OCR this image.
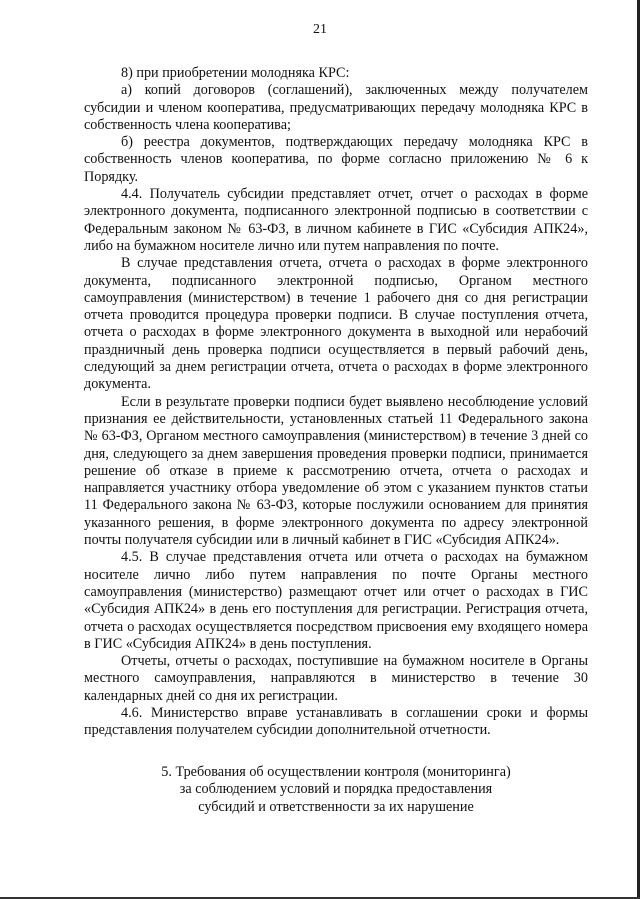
21

8) при приобретении молодняка КРС:

а) копий договоров (соглашений), заключенных между получателем субсидии и членом кооператива, предусматривающих передачу молодняка КРС в собственность члена кооператива;

б) реестра документов, подтверждающих передачу молодняка КРС в собственность членов кооператива, по форме согласно приложению № 6 к Порядку.

4.4. Получатель субсидии представляет отчет, отчет о расходах в форме электронного документа, подписанного электронной подписью в соответствии с Федеральным законом № 63-ФЗ, в личном кабинете в ГИС «Субсидия АПК24», либо на бумажном носителе лично или путем направления по почте.

В случае представления отчета, отчета о расходах в форме электронного документа, подписанного электронной подписью, Органом местного самоуправления (министерством) в течение 1 рабочего дня со дня регистрации отчета проводится процедура проверки подписи. В случае поступления отчета, отчета о расходах в форме электронного документа в выходной или нерабочий праздничный день проверка подписи осуществляется в первый рабочий день, следующий за днем регистрации отчета, отчета о расходах в форме электронного документа.

Если в результате проверки подписи будет выявлено несоблюдение условий признания ее действительности, установленных статьей 11 Федерального закона № 63-ФЗ, Органом местного самоуправления (министерством) в течение 3 дней со дня, следующего за днем завершения проведения проверки подписи, принимается решение об отказе в приеме к рассмотрению отчета, отчета о расходах и направляется участнику отбора уведомление об этом с указанием пунктов статьи 11 Федерального закона № 63-ФЗ, которые послужили основанием для принятия указанного решения, в форме электронного документа по адресу электронной почты получателя субсидии или в личный кабинет в ГИС «Субсидия АПК24».

4.5. В случае представления отчета или отчета о расходах на бумажном носителе лично либо путем направления по почте Органы местного самоуправления (министерство) размещают отчет или отчет о расходах в ГИС «Субсидия АПК24» в день его поступления для регистрации. Регистрация отчета, отчета о расходах осуществляется посредством присвоения ему входящего номера в ГИС «Субсидия АПК24» в день поступления.

Отчеты, отчеты о расходах, поступившие на бумажном носителе в Органы местного самоуправления, направляются в министерство в течение 30 календарных дней со дня их регистрации.

4.6. Министерство вправе устанавливать в соглашении сроки и формы представления получателем субсидии дополнительной отчетности.

5. Требования об осуществлении контроля (мониторинга)
за соблюдением условий и порядка предоставления
субсидий и ответственности за их нарушение
